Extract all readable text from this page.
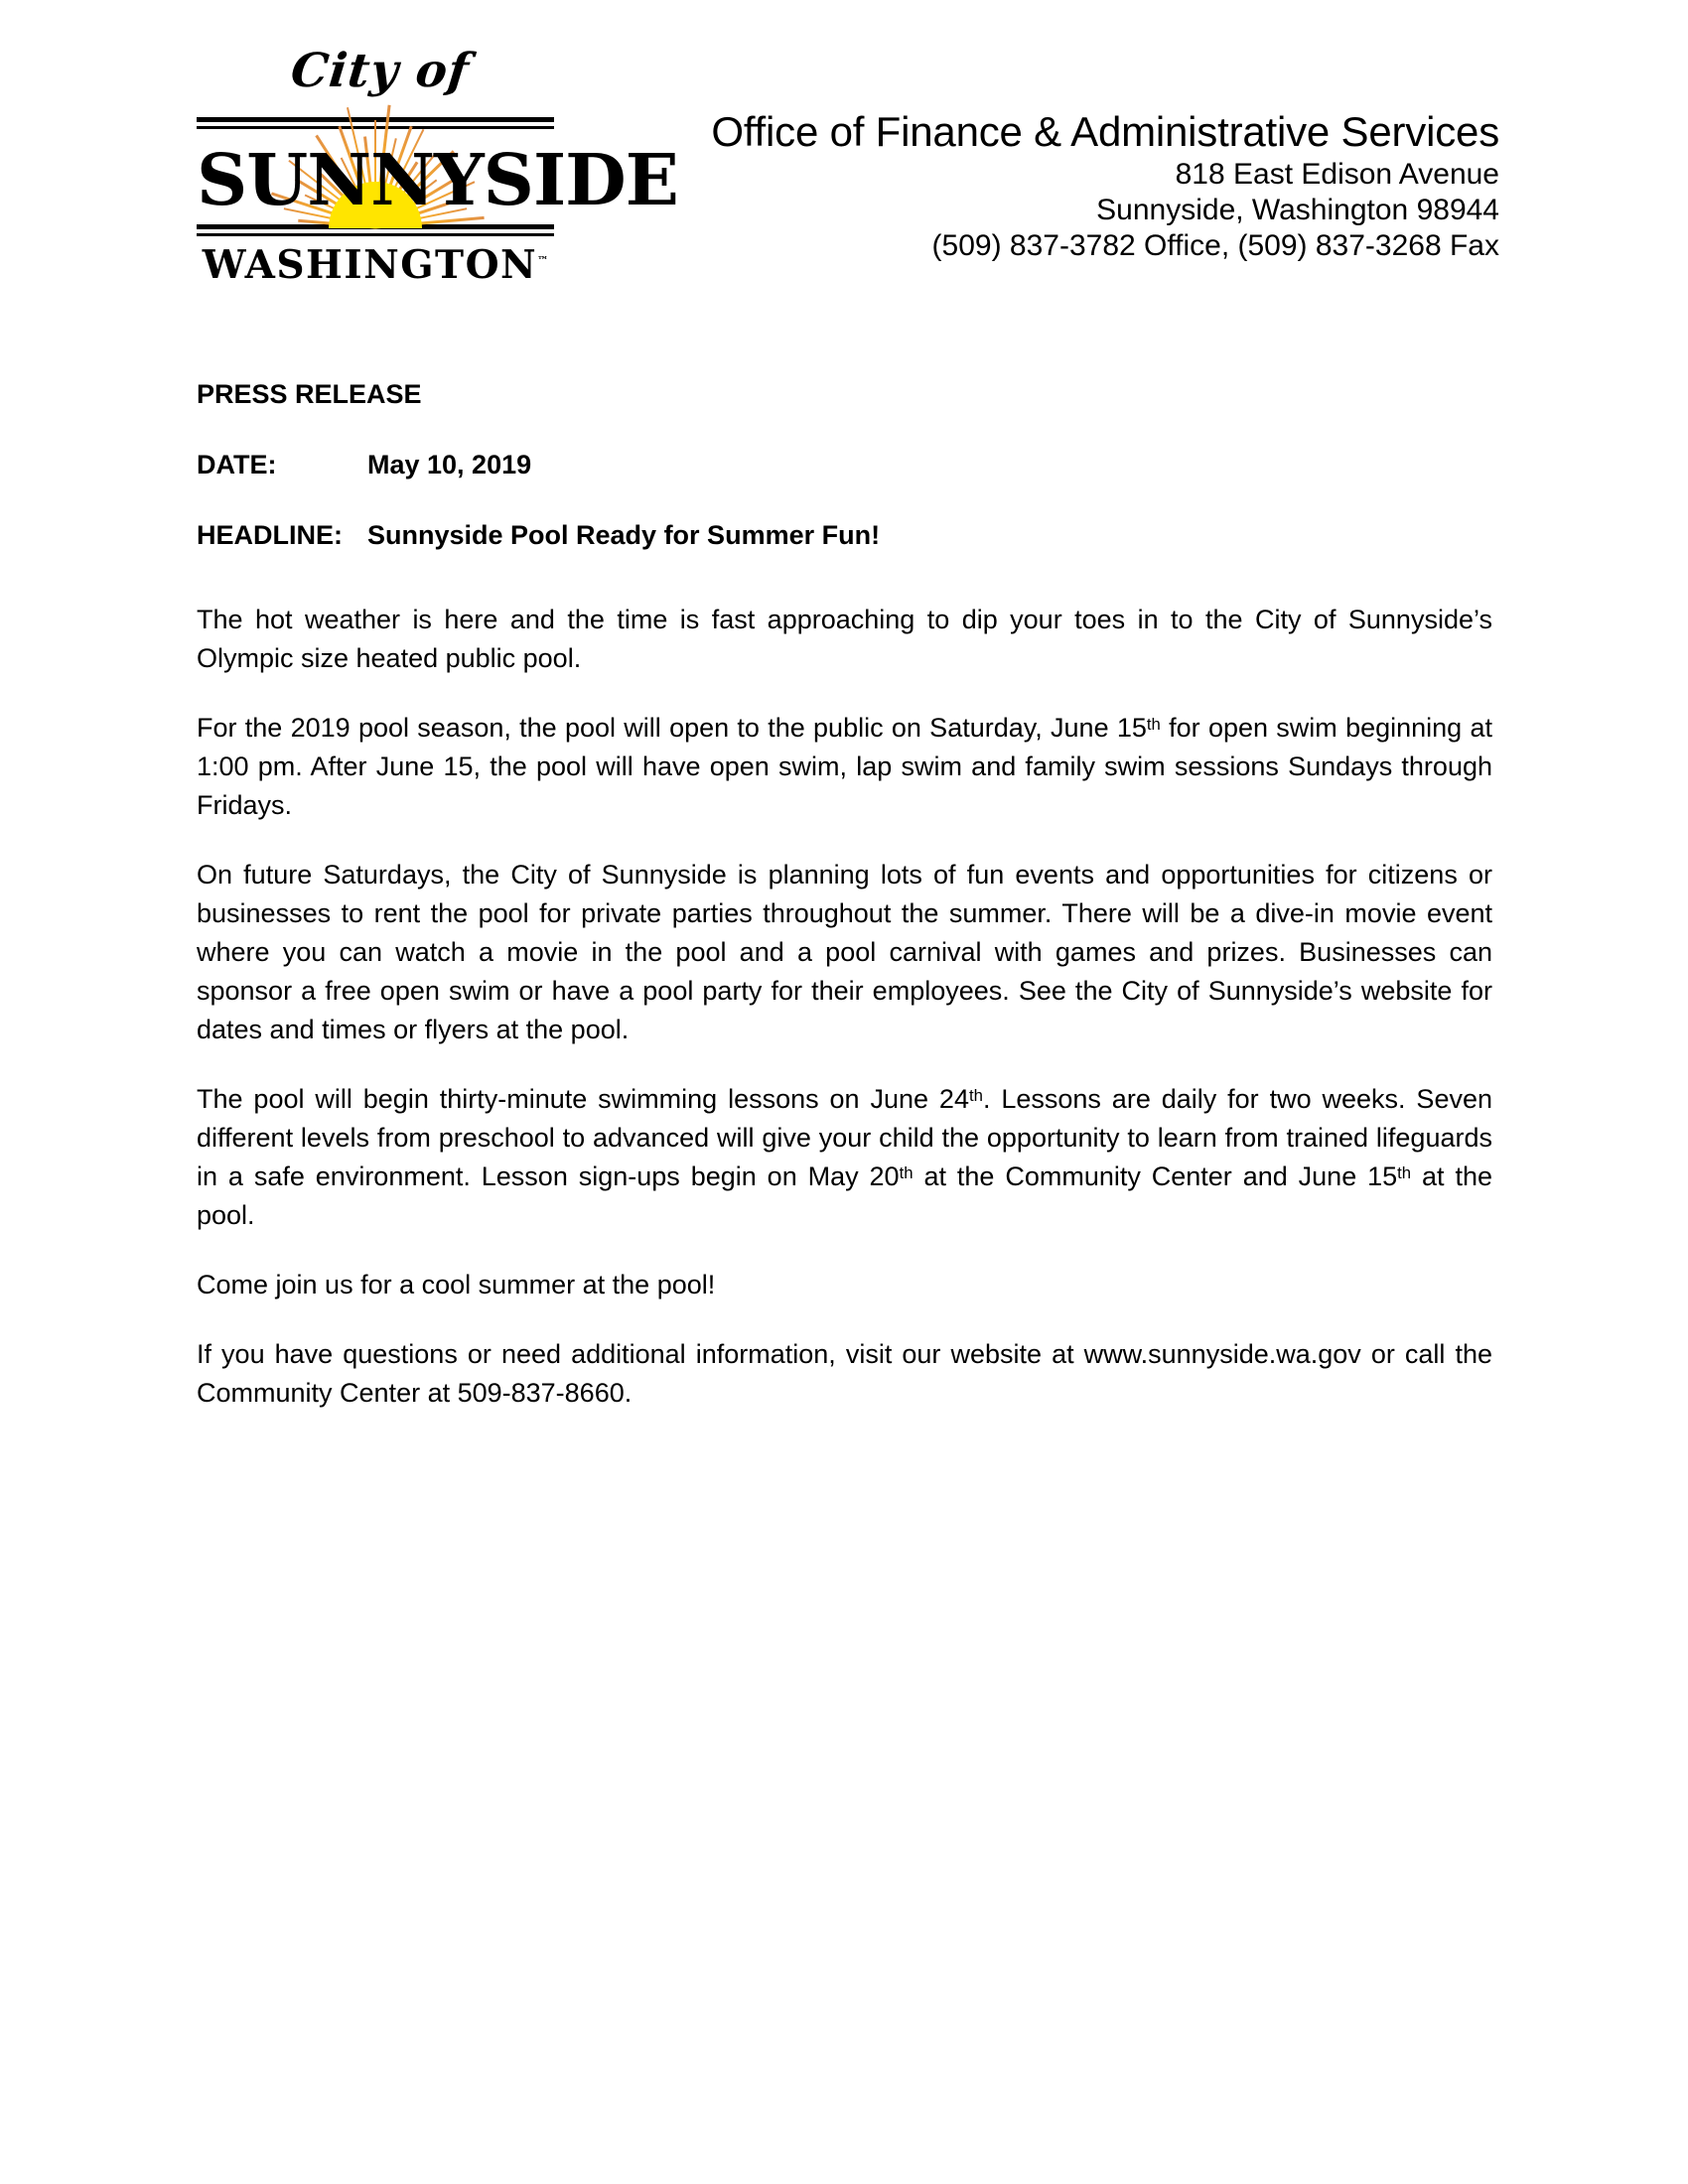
City of
SUNNYSIDE
WASHINGTON™
Office of Finance & Administrative Services
818 East Edison Avenue
Sunnyside, Washington 98944
(509) 837-3782 Office, (509) 837-3268 Fax
PRESS RELEASE
DATE:	May 10, 2019
HEADLINE: Sunnyside Pool Ready for Summer Fun!

The hot weather is here and the time is fast approaching to dip your toes in to the City of Sunnyside’s Olympic size heated public pool.

For the 2019 pool season, the pool will open to the public on Saturday, June 15th for open swim beginning at 1:00 pm. After June 15, the pool will have open swim, lap swim and family swim sessions Sundays through Fridays.

On future Saturdays, the City of Sunnyside is planning lots of fun events and opportunities for citizens or businesses to rent the pool for private parties throughout the summer. There will be a dive-in movie event where you can watch a movie in the pool and a pool carnival with games and prizes. Businesses can sponsor a free open swim or have a pool party for their employees. See the City of Sunnyside’s website for dates and times or flyers at the pool.

The pool will begin thirty-minute swimming lessons on June 24th. Lessons are daily for two weeks. Seven different levels from preschool to advanced will give your child the opportunity to learn from trained lifeguards in a safe environment. Lesson sign-ups begin on May 20th at the Community Center and June 15th at the pool.

Come join us for a cool summer at the pool!

If you have questions or need additional information, visit our website at www.sunnyside.wa.gov or call the Community Center at 509-837-8660.
